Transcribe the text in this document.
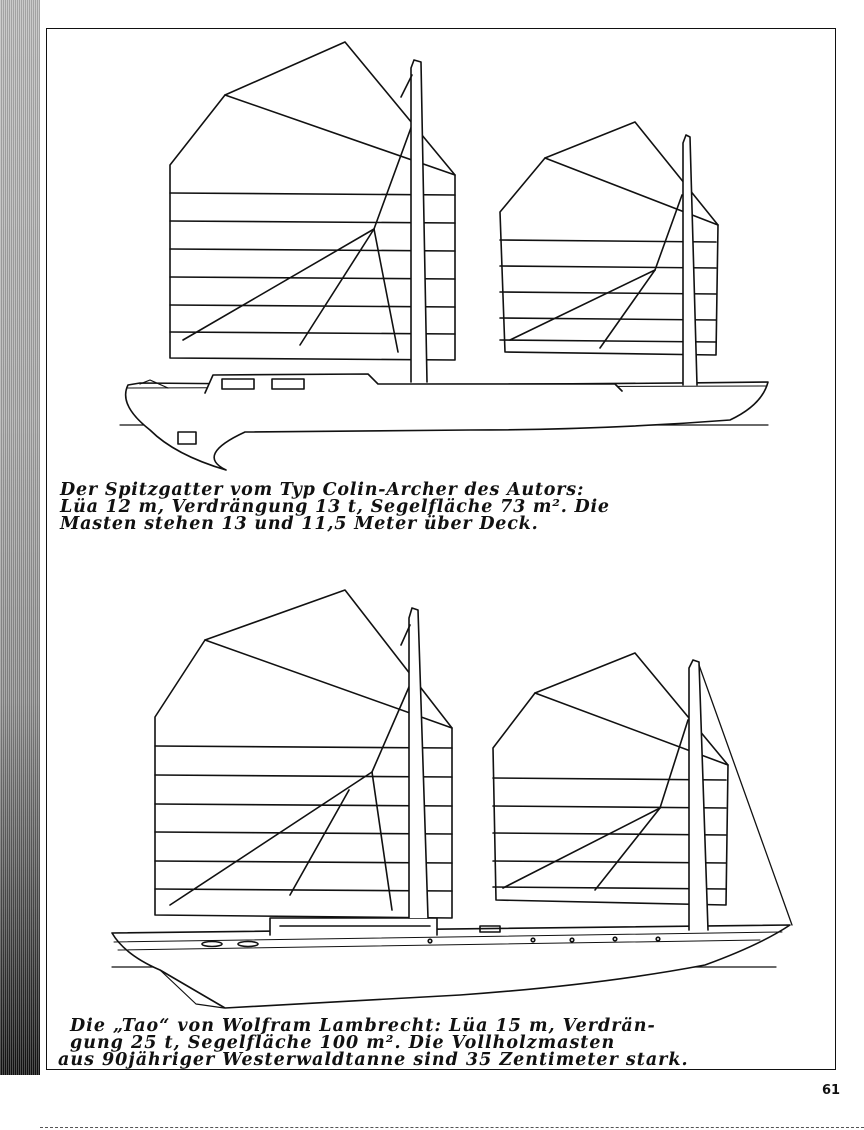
Der Spitzgatter vom Typ Colin-Archer des Autors:
Lüa 12 m, Verdrängung 13 t, Segelfläche 73 m². Die
Masten stehen 13 und 11,5 Meter über Deck.
Die „Tao“ von Wolfram Lambrecht: Lüa 15 m, Verdrän-
gung 25 t, Segelfläche 100 m². Die Vollholzmasten
aus 90jähriger Westerwaldtanne sind 35 Zentimeter stark.
61
